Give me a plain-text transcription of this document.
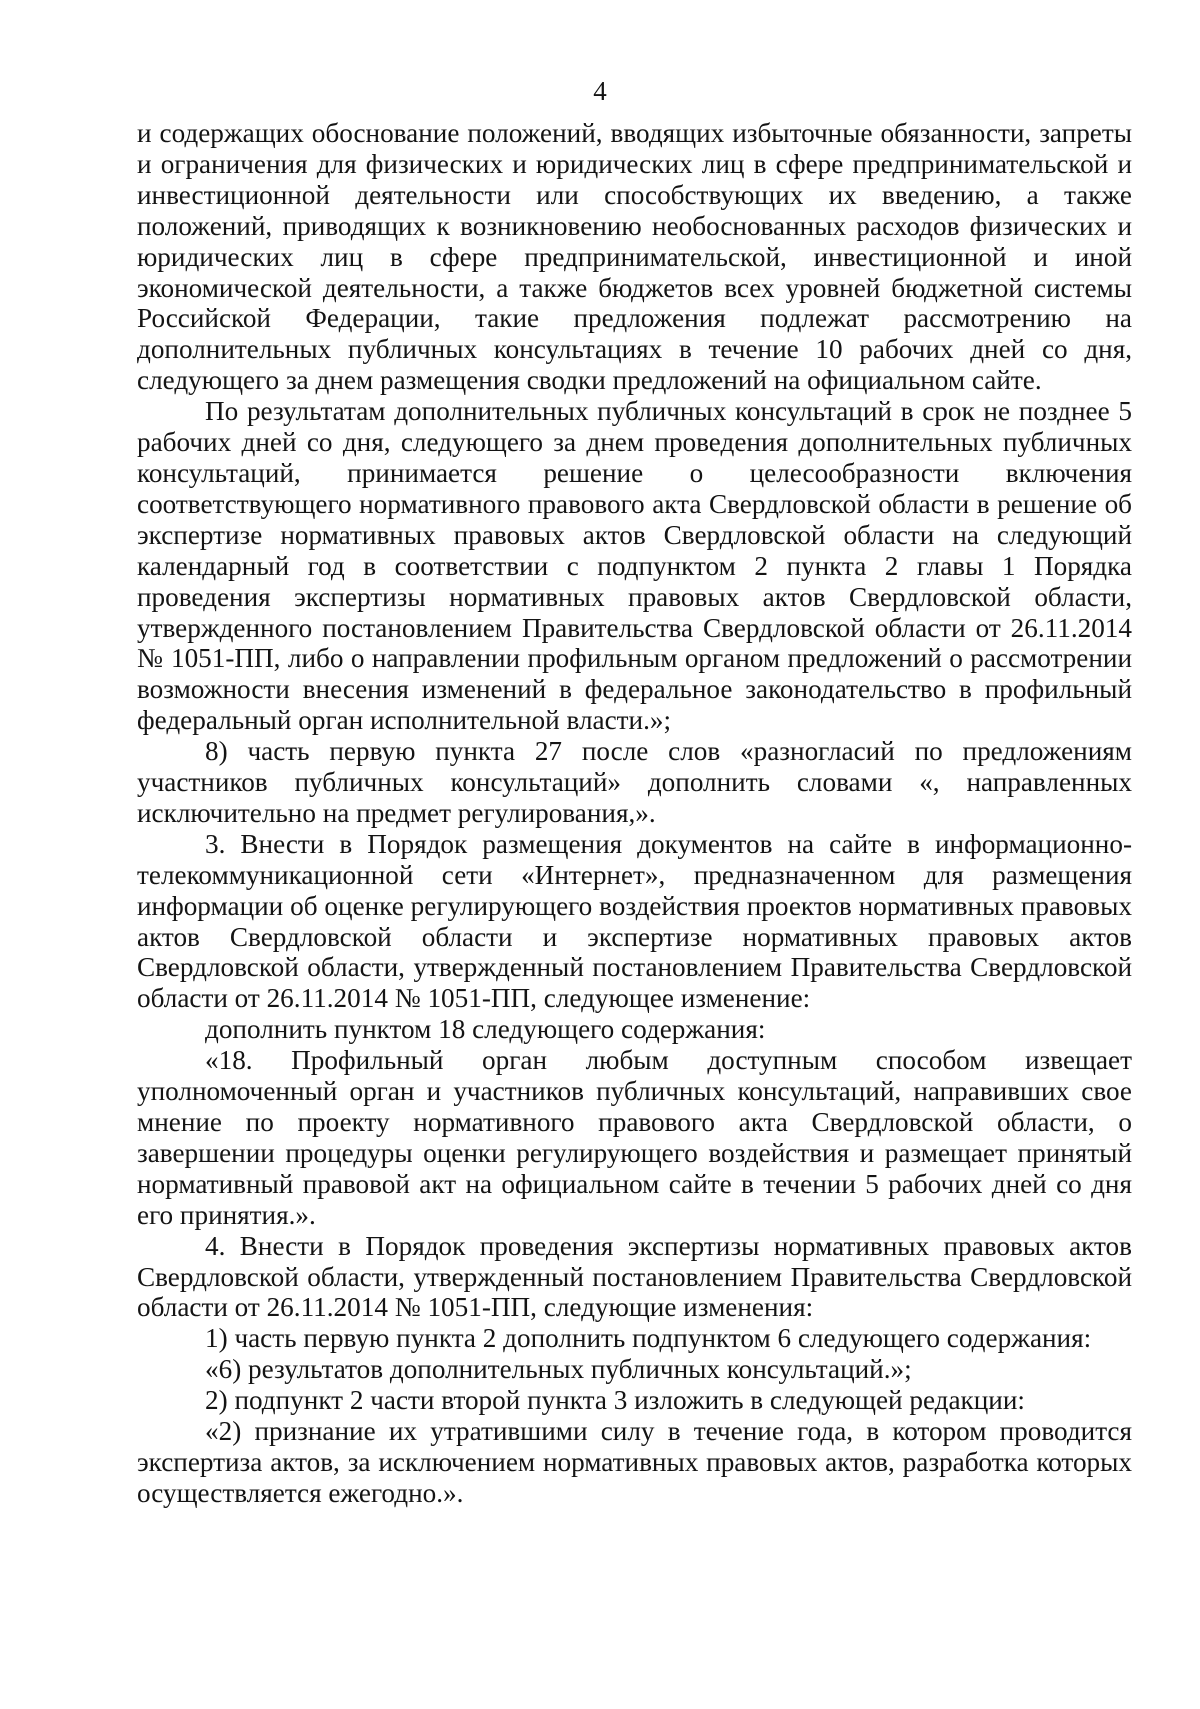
4

и содержащих обоснование положений, вводящих избыточные обязанности, запреты и ограничения для физических и юридических лиц в сфере предпринимательской и инвестиционной деятельности или способствующих их введению, а также положений, приводящих к возникновению необоснованных расходов физических и юридических лиц в сфере предпринимательской, инвестиционной и иной экономической деятельности, а также бюджетов всех уровней бюджетной системы Российской Федерации, такие предложения подлежат рассмотрению на дополнительных публичных консультациях в течение 10 рабочих дней со дня, следующего за днем размещения сводки предложений на официальном сайте.

По результатам дополнительных публичных консультаций в срок не позднее 5 рабочих дней со дня, следующего за днем проведения дополнительных публичных консультаций, принимается решение о целесообразности включения соответствующего нормативного правового акта Свердловской области в решение об экспертизе нормативных правовых актов Свердловской области на следующий календарный год в соответствии с подпунктом 2 пункта 2 главы 1 Порядка проведения экспертизы нормативных правовых актов Свердловской области, утвержденного постановлением Правительства Свердловской области от 26.11.2014 № 1051-ПП, либо о направлении профильным органом предложений о рассмотрении возможности внесения изменений в федеральное законодательство в профильный федеральный орган исполнительной власти.»;

8) часть первую пункта 27 после слов «разногласий по предложениям участников публичных консультаций» дополнить словами «, направленных исключительно на предмет регулирования,».

3. Внести в Порядок размещения документов на сайте в информационно-телекоммуникационной сети «Интернет», предназначенном для размещения информации об оценке регулирующего воздействия проектов нормативных правовых актов Свердловской области и экспертизе нормативных правовых актов Свердловской области, утвержденный постановлением Правительства Свердловской области от 26.11.2014 № 1051-ПП, следующее изменение:

дополнить пунктом 18 следующего содержания:

«18. Профильный орган любым доступным способом извещает уполномоченный орган и участников публичных консультаций, направивших свое мнение по проекту нормативного правового акта Свердловской области, о завершении процедуры оценки регулирующего воздействия и размещает принятый нормативный правовой акт на официальном сайте в течении 5 рабочих дней со дня его принятия.».

4. Внести в Порядок проведения экспертизы нормативных правовых актов Свердловской области, утвержденный постановлением Правительства Свердловской области от 26.11.2014 № 1051-ПП, следующие изменения:

1) часть первую пункта 2 дополнить подпунктом 6 следующего содержания:

«6) результатов дополнительных публичных консультаций.»;

2) подпункт 2 части второй пункта 3 изложить в следующей редакции:

«2) признание их утратившими силу в течение года, в котором проводится экспертиза актов, за исключением нормативных правовых актов, разработка которых осуществляется ежегодно.».
